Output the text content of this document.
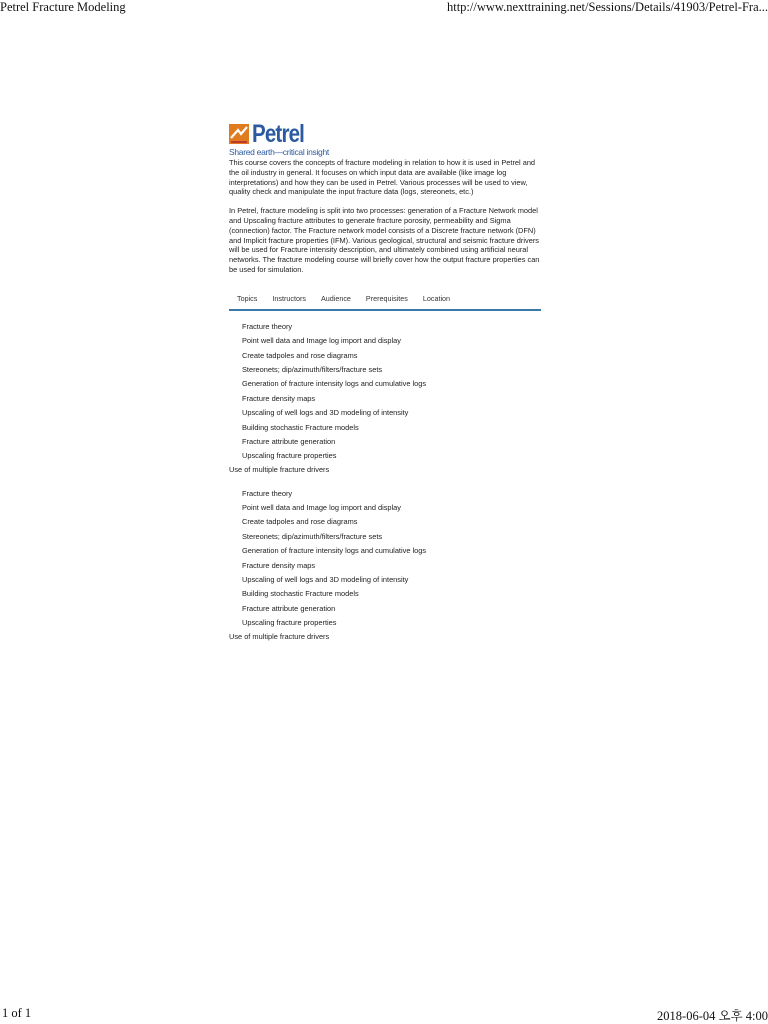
Petrel Fracture Modeling	http://www.nexttraining.net/Sessions/Details/41903/Petrel-Fra...
Petrel
Shared earth—critical insight

This course covers the concepts of fracture modeling in relation to how it is used in Petrel and the oil industry in general. It focuses on which input data are available (like image log interpretations) and how they can be used in Petrel. Various processes will be used to view, quality check and manipulate the input fracture data (logs, stereonets, etc.)

In Petrel, fracture modeling is split into two processes: generation of a Fracture Network model and Upscaling fracture attributes to generate fracture porosity, permeability and Sigma (connection) factor. The Fracture network model consists of a Discrete fracture network (DFN) and Implicit fracture properties (IFM). Various geological, structural and seismic fracture drivers will be used for Fracture intensity description, and ultimately combined using artificial neural networks. The fracture modeling course will briefly cover how the output fracture properties can be used for simulation.

Topics Instructors Audience Prerequisites Location
Fracture theory
Point well data and Image log import and display
Create tadpoles and rose diagrams
Stereonets; dip/azimuth/filters/fracture sets
Generation of fracture intensity logs and cumulative logs
Fracture density maps
Upscaling of well logs and 3D modeling of intensity
Building stochastic Fracture models
Fracture attribute generation
Upscaling fracture properties
Use of multiple fracture drivers
Fracture theory
Point well data and Image log import and display
Create tadpoles and rose diagrams
Stereonets; dip/azimuth/filters/fracture sets
Generation of fracture intensity logs and cumulative logs
Fracture density maps
Upscaling of well logs and 3D modeling of intensity
Building stochastic Fracture models
Fracture attribute generation
Upscaling fracture properties
Use of multiple fracture drivers
1 of 1	2018-06-04 오후 4:00
